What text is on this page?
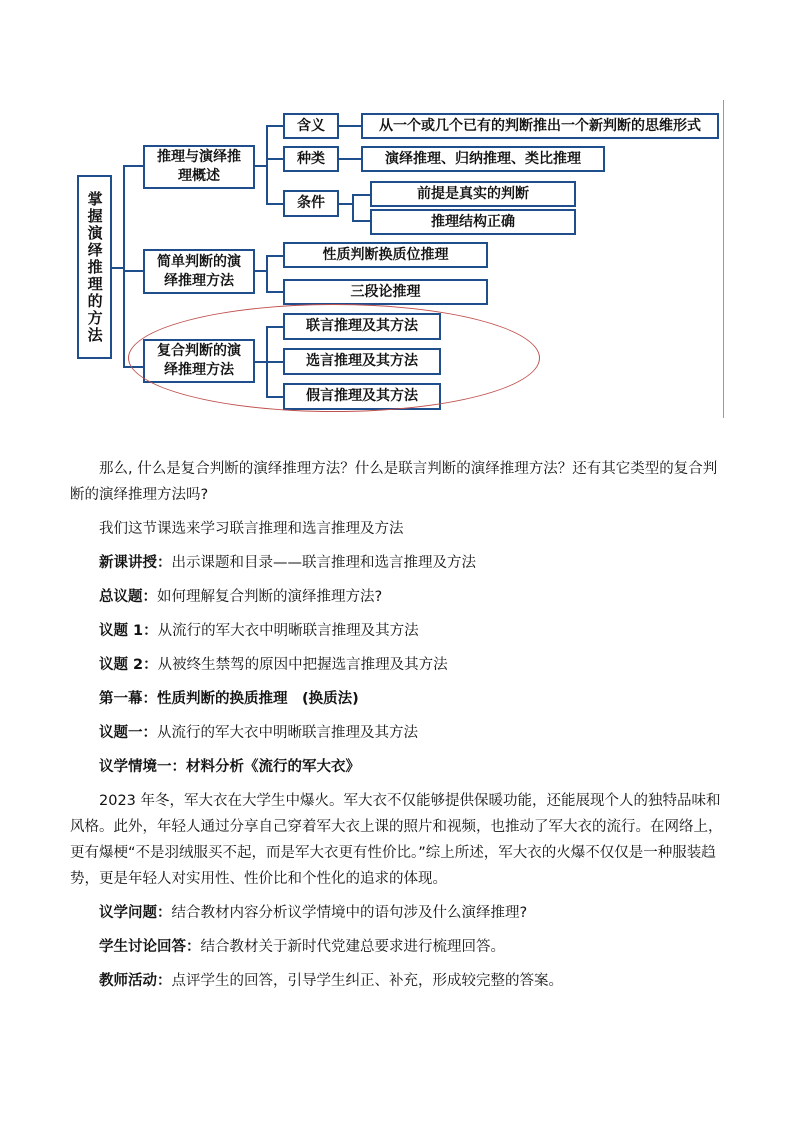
掌握演绎推理的方法
推理与演绎推理概述
简单判断的演绎推理方法
复合判断的演绎推理方法
含义
种类
条件
从一个或几个已有的判断推出一个新判断的思维形式
演绎推理、归纳推理、类比推理
前提是真实的判断
推理结构正确
性质判断换质位推理
三段论推理
联言推理及其方法
选言推理及其方法
假言推理及其方法

那么, 什么是复合判断的演绎推理方法？什么是联言判断的演绎推理方法？还有其它类型的复合判断的演绎推理方法吗?

我们这节课选来学习联言推理和选言推理及方法

新课讲授：出示课题和目录——联言推理和选言推理及方法

总议题：如何理解复合判断的演绎推理方法?

议题 1：从流行的军大衣中明晰联言推理及其方法

议题 2：从被终生禁驾的原因中把握选言推理及其方法

第一幕：性质判断的换质推理　(换质法)

议题一：从流行的军大衣中明晰联言推理及其方法

议学情境一：材料分析《流行的军大衣》

2023 年冬，军大衣在大学生中爆火。军大衣不仅能够提供保暖功能，还能展现个人的独特品味和风格。此外，年轻人通过分享自己穿着军大衣上课的照片和视频，也推动了军大衣的流行。在网络上，更有爆梗“不是羽绒服买不起，而是军大衣更有性价比。”综上所述，军大衣的火爆不仅仅是一种服装趋势，更是年轻人对实用性、性价比和个性化的追求的体现。

议学问题：结合教材内容分析议学情境中的语句涉及什么演绎推理?

学生讨论回答：结合教材关于新时代党建总要求进行梳理回答。

教师活动：点评学生的回答，引导学生纠正、补充，形成较完整的答案。
